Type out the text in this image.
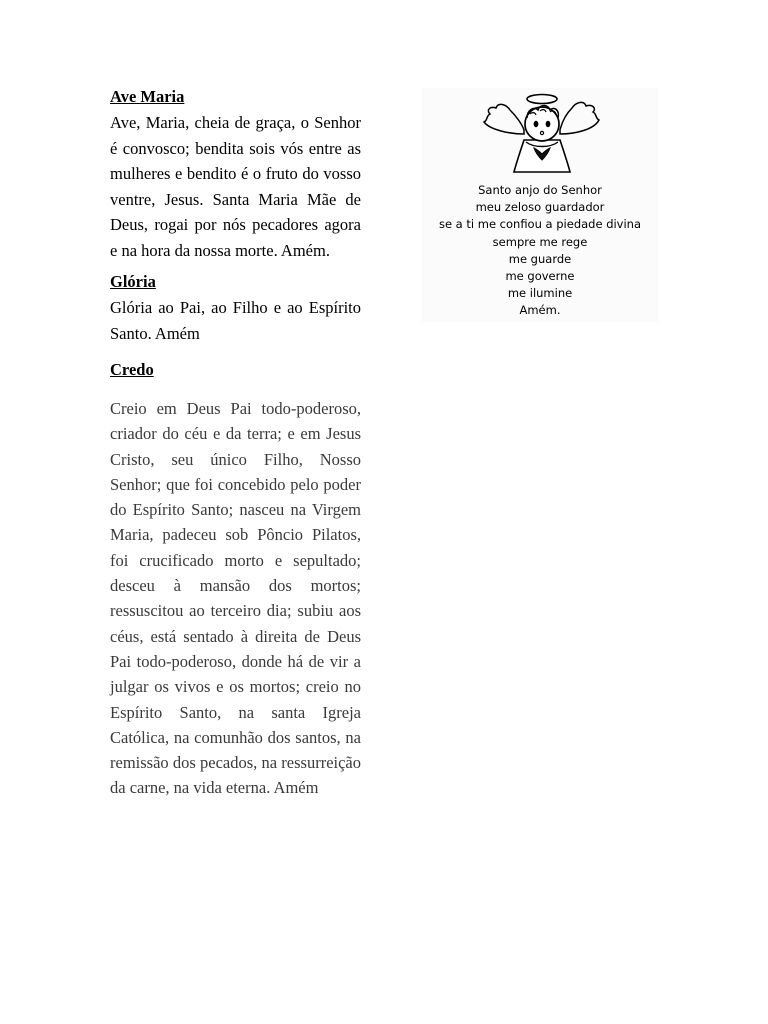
Ave Maria

Ave, Maria, cheia de graça, o Senhor é convosco; bendita sois vós entre as mulheres e bendito é o fruto do vosso ventre, Jesus. Santa Maria Mãe de Deus, rogai por nós pecadores agora e na hora da nossa morte. Amém.

Glória

Glória ao Pai, ao Filho e ao Espírito Santo. Amém

Credo

Creio em Deus Pai todo-poderoso, criador do céu e da terra; e em Jesus Cristo, seu único Filho, Nosso Senhor; que foi concebido pelo poder do Espírito Santo; nasceu na Virgem Maria, padeceu sob Pôncio Pilatos, foi crucificado morto e sepultado; desceu à mansão dos mortos; ressuscitou ao terceiro dia; subiu aos céus, está sentado à direita de Deus Pai todo-poderoso, donde há de vir a julgar os vivos e os mortos; creio no Espírito Santo, na santa Igreja Católica, na comunhão dos santos, na remissão dos pecados, na ressurreição da carne, na vida eterna. Amém

Santo anjo do Senhor
meu zeloso guardador
se a ti me confiou a piedade divina
sempre me rege
me guarde
me governe
me ilumine
Amém.
